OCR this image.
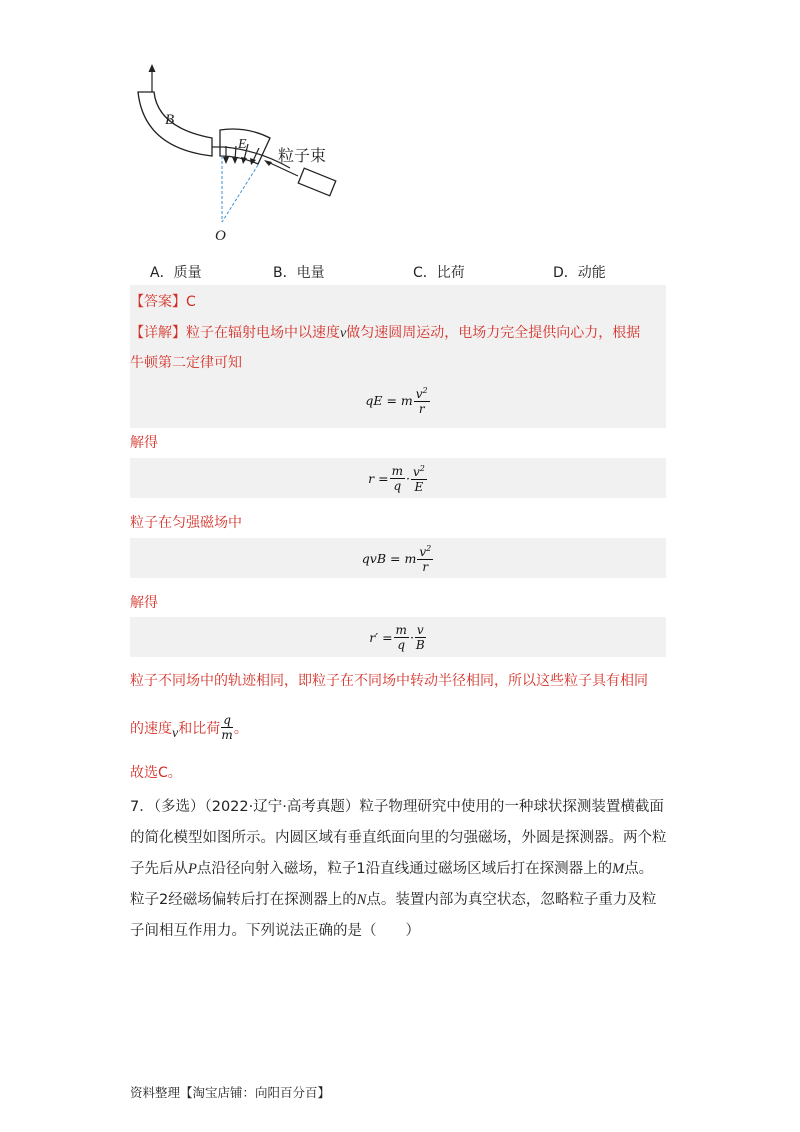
B
E
粒子束
O
A．质量	B．电量	C．比荷	D．动能
【答案】C
【详解】粒子在辐射电场中以速度v做匀速圆周运动，电场力完全提供向心力，根据
牛顿第二定律可知
qE = m $\frac{v^2}{r}$
解得
$r = \frac{m}{q} \cdot \frac{v^2}{E}$
粒子在匀强磁场中
qvB = m $\frac{v^2}{r}$
解得
$r' = \frac{m}{q} \cdot \frac{v}{B}$
粒子不同场中的轨迹相同，即粒子在不同场中转动半径相同，所以这些粒子具有相同
的速度 v 和比荷 $\frac{q}{m}$ 。
故选C。
7．（多选）（2022·辽宁·高考真题）粒子物理研究中使用的一种球状探测装置横截面
的简化模型如图所示。内圆区域有垂直纸面向里的匀强磁场，外圆是探测器。两个粒
子先后从P点沿径向射入磁场，粒子1沿直线通过磁场区域后打在探测器上的M点。
粒子2经磁场偏转后打在探测器上的N点。装置内部为真空状态，忽略粒子重力及粒
子间相互作用力。下列说法正确的是（　　）
资料整理【淘宝店铺：向阳百分百】
